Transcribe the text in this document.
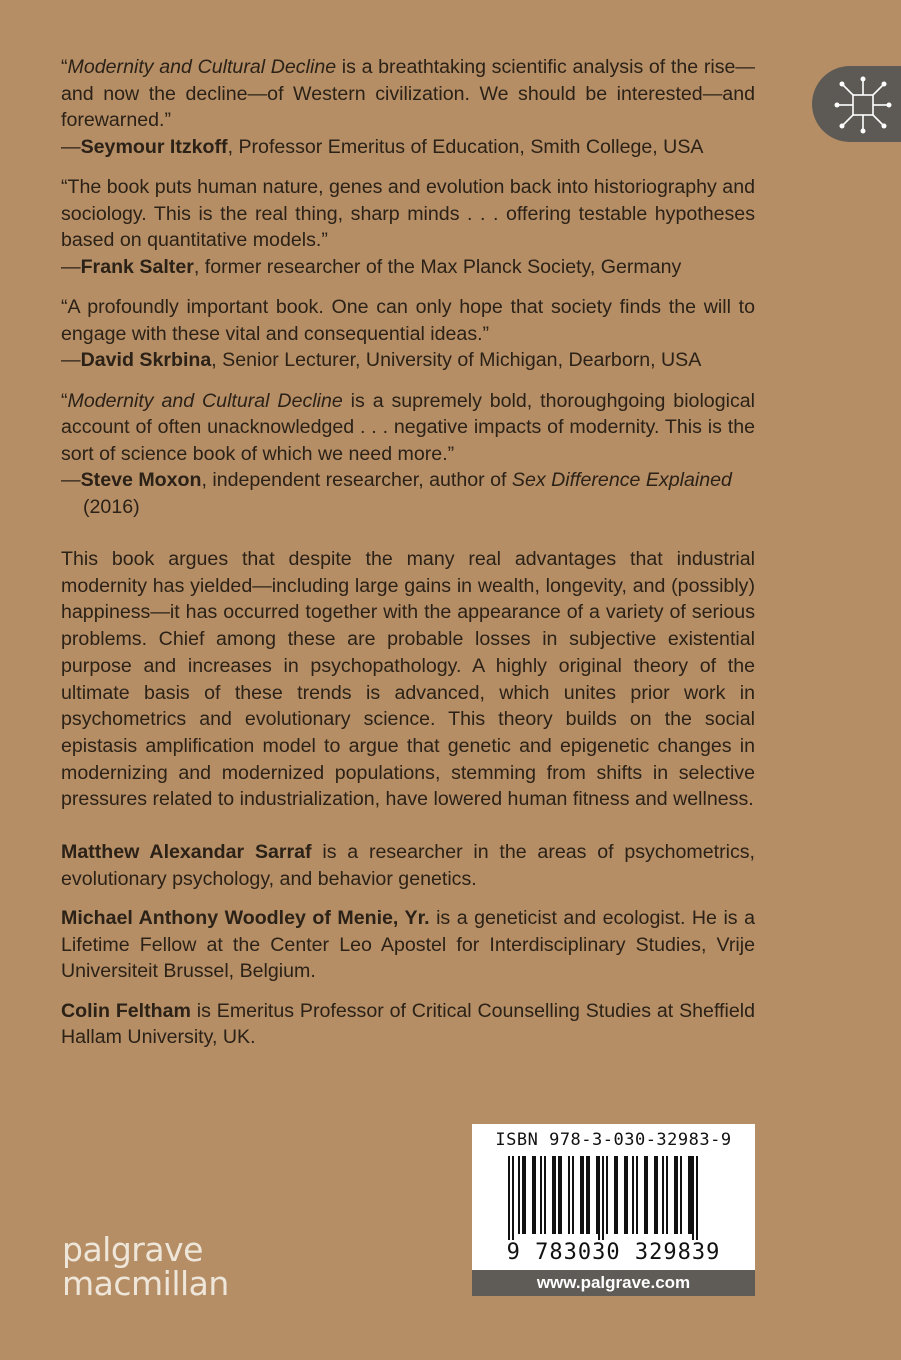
“Modernity and Cultural Decline is a breathtaking scientific analysis of the rise—and now the decline—of Western civilization. We should be interested—and forewarned.”
—Seymour Itzkoff, Professor Emeritus of Education, Smith College, USA
“The book puts human nature, genes and evolution back into historiography and sociology. This is the real thing, sharp minds . . . offering testable hypotheses based on quantitative models.”
—Frank Salter, former researcher of the Max Planck Society, Germany
“A profoundly important book. One can only hope that society finds the will to engage with these vital and consequential ideas.”
—David Skrbina, Senior Lecturer, University of Michigan, Dearborn, USA
“Modernity and Cultural Decline is a supremely bold, thoroughgoing biological account of often unacknowledged . . . negative impacts of modernity. This is the sort of science book of which we need more.”
—Steve Moxon, independent researcher, author of Sex Difference Explained
(2016)
This book argues that despite the many real advantages that industrial modernity has yielded—including large gains in wealth, longevity, and (possibly) happiness—it has occurred together with the appearance of a variety of serious problems. Chief among these are probable losses in subjective existential purpose and increases in psychopathology. A highly original theory of the ultimate basis of these trends is advanced, which unites prior work in psychometrics and evolutionary science. This theory builds on the social epistasis amplification model to argue that genetic and epigenetic changes in modernizing and modernized populations, stemming from shifts in selective pressures related to industrialization, have lowered human fitness and wellness.
Matthew Alexandar Sarraf is a researcher in the areas of psychometrics, evolutionary psychology, and behavior genetics.
Michael Anthony Woodley of Menie, Yr. is a geneticist and ecologist. He is a Lifetime Fellow at the Center Leo Apostel for Interdisciplinary Studies, Vrije Universiteit Brussel, Belgium.
Colin Feltham is Emeritus Professor of Critical Counselling Studies at Sheffield Hallam University, UK.
palgrave
macmillan
ISBN 978-3-030-32983-9
9 783030 329839
www.palgrave.com
